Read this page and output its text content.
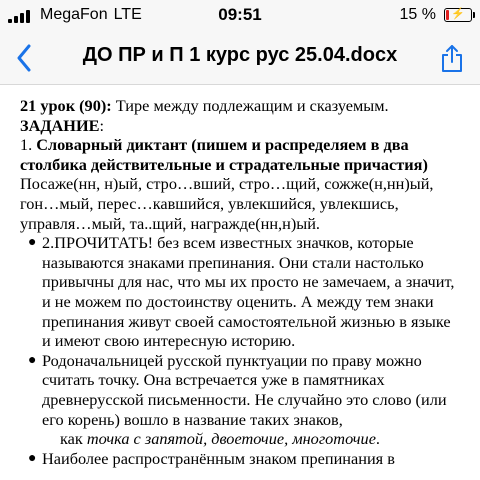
MegaFon LTE	09:51	15 %	⚡
ДО ПР и П 1 курс рус 25.04.docx

21 урок (90): Тире между подлежащим и сказуемым.

ЗАДАНИЕ:

1. Словарный диктант (пишем и распределяем в два столбика действительные и страдательные причастия)

Посаже(нн, н)ый, стро…вший, стро…щий, сожже(н,нн)ый, гон…мый, перес…кавшийся, увлекшийся, увлекшись, управля…мый, та..щий, награжде(нн,н)ый.

● 2.ПРОЧИТАТЬ! без всем известных значков, которые называются знаками препинания. Они стали настолько привычны для нас, что мы их просто не замечаем, а значит, и не можем по достоинству оценить. А между тем знаки препинания живут своей самостоятельной жизнью в языке и имеют свою интересную историю.
● Родоначальницей русской пунктуации по праву можно считать точку. Она встречается уже в памятниках древнерусской письменности. Не случайно это слово (или его корень) вошло в название таких знаков,
как точка с запятой, двоеточие, многоточие.
● Наиболее распространённым знаком препинания в
